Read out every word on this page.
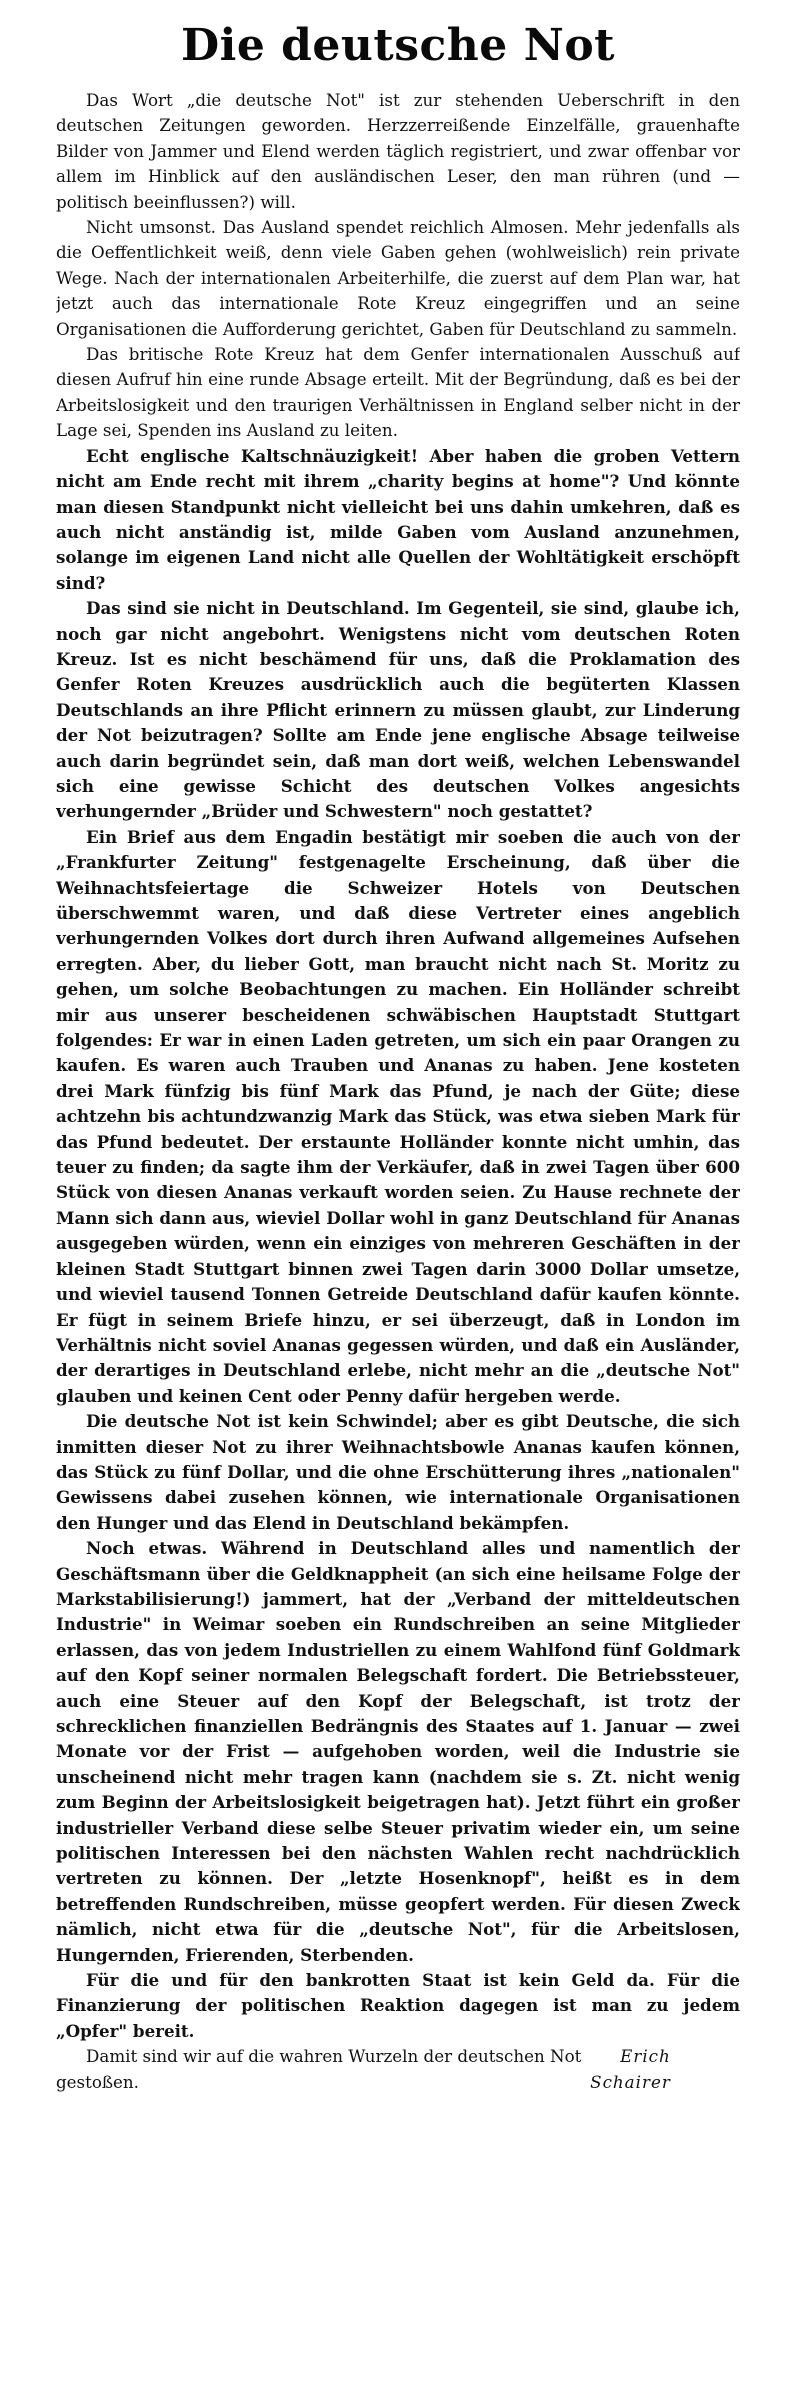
Die deutsche Not

Das Wort „die deutsche Not" ist zur stehenden Ueberschrift in den deutschen Zeitungen geworden. Herzzerreißende Einzelfälle, grauenhafte Bilder von Jammer und Elend werden täglich registriert, und zwar offenbar vor allem im Hinblick auf den ausländischen Leser, den man rühren (und — politisch beeinflussen?) will.

Nicht umsonst. Das Ausland spendet reichlich Almosen. Mehr jedenfalls als die Oeffentlichkeit weiß, denn viele Gaben gehen (wohlweislich) rein private Wege. Nach der internationalen Arbeiterhilfe, die zuerst auf dem Plan war, hat jetzt auch das internationale Rote Kreuz eingegriffen und an seine Organisationen die Aufforderung gerichtet, Gaben für Deutschland zu sammeln.

Das britische Rote Kreuz hat dem Genfer internationalen Ausschuß auf diesen Aufruf hin eine runde Absage erteilt. Mit der Begründung, daß es bei der Arbeitslosigkeit und den traurigen Verhältnissen in England selber nicht in der Lage sei, Spenden ins Ausland zu leiten.

Echt englische Kaltschnäuzigkeit! Aber haben die groben Vettern nicht am Ende recht mit ihrem „charity begins at home"? Und könnte man diesen Standpunkt nicht vielleicht bei uns dahin umkehren, daß es auch nicht anständig ist, milde Gaben vom Ausland anzunehmen, solange im eigenen Land nicht alle Quellen der Wohltätigkeit erschöpft sind?

Das sind sie nicht in Deutschland. Im Gegenteil, sie sind, glaube ich, noch gar nicht angebohrt. Wenigstens nicht vom deutschen Roten Kreuz. Ist es nicht beschämend für uns, daß die Proklamation des Genfer Roten Kreuzes ausdrücklich auch die begüterten Klassen Deutschlands an ihre Pflicht erinnern zu müssen glaubt, zur Linderung der Not beizutragen? Sollte am Ende jene englische Absage teilweise auch darin begründet sein, daß man dort weiß, welchen Lebenswandel sich eine gewisse Schicht des deutschen Volkes angesichts verhungernder „Brüder und Schwestern" noch gestattet?

Ein Brief aus dem Engadin bestätigt mir soeben die auch von der „Frankfurter Zeitung" festgenagelte Erscheinung, daß über die Weihnachtsfeiertage die Schweizer Hotels von Deutschen überschwemmt waren, und daß diese Vertreter eines angeblich verhungernden Volkes dort durch ihren Aufwand allgemeines Aufsehen erregten. Aber, du lieber Gott, man braucht nicht nach St. Moritz zu gehen, um solche Beobachtungen zu machen. Ein Holländer schreibt mir aus unserer bescheidenen schwäbischen Hauptstadt Stuttgart folgendes: Er war in einen Laden getreten, um sich ein paar Orangen zu kaufen. Es waren auch Trauben und Ananas zu haben. Jene kosteten drei Mark fünfzig bis fünf Mark das Pfund, je nach der Güte; diese achtzehn bis achtundzwanzig Mark das Stück, was etwa sieben Mark für das Pfund bedeutet. Der erstaunte Holländer konnte nicht umhin, das teuer zu finden; da sagte ihm der Verkäufer, daß in zwei Tagen über 600 Stück von diesen Ananas verkauft worden seien. Zu Hause rechnete der Mann sich dann aus, wieviel Dollar wohl in ganz Deutschland für Ananas ausgegeben würden, wenn ein einziges von mehreren Geschäften in der kleinen Stadt Stuttgart binnen zwei Tagen darin 3000 Dollar umsetze, und wieviel tausend Tonnen Getreide Deutschland dafür kaufen könnte. Er fügt in seinem Briefe hinzu, er sei überzeugt, daß in London im Verhältnis nicht soviel Ananas gegessen würden, und daß ein Ausländer, der derartiges in Deutschland erlebe, nicht mehr an die „deutsche Not" glauben und keinen Cent oder Penny dafür hergeben werde.

Die deutsche Not ist kein Schwindel; aber es gibt Deutsche, die sich inmitten dieser Not zu ihrer Weihnachtsbowle Ananas kaufen können, das Stück zu fünf Dollar, und die ohne Erschütterung ihres „nationalen" Gewissens dabei zusehen können, wie internationale Organisationen den Hunger und das Elend in Deutschland bekämpfen.

Noch etwas. Während in Deutschland alles und namentlich der Geschäftsmann über die Geldknappheit (an sich eine heilsame Folge der Markstabilisierung!) jammert, hat der „Verband der mitteldeutschen Industrie" in Weimar soeben ein Rundschreiben an seine Mitglieder erlassen, das von jedem Industriellen zu einem Wahlfond fünf Goldmark auf den Kopf seiner normalen Belegschaft fordert. Die Betriebssteuer, auch eine Steuer auf den Kopf der Belegschaft, ist trotz der schrecklichen finanziellen Bedrängnis des Staates auf 1. Januar — zwei Monate vor der Frist — aufgehoben worden, weil die Industrie sie unscheinend nicht mehr tragen kann (nachdem sie s. Zt. nicht wenig zum Beginn der Arbeitslosigkeit beigetragen hat). Jetzt führt ein großer industrieller Verband diese selbe Steuer privatim wieder ein, um seine politischen Interessen bei den nächsten Wahlen recht nachdrücklich vertreten zu können. Der „letzte Hosenknopf", heißt es in dem betreffenden Rundschreiben, müsse geopfert werden. Für diesen Zweck nämlich, nicht etwa für die „deutsche Not", für die Arbeitslosen, Hungernden, Frierenden, Sterbenden.

Für die und für den bankrotten Staat ist kein Geld da. Für die Finanzierung der politischen Reaktion dagegen ist man zu jedem „Opfer" bereit.

Damit sind wir auf die wahren Wurzeln der deutschen Not gestoßen.
Erich Schairer
